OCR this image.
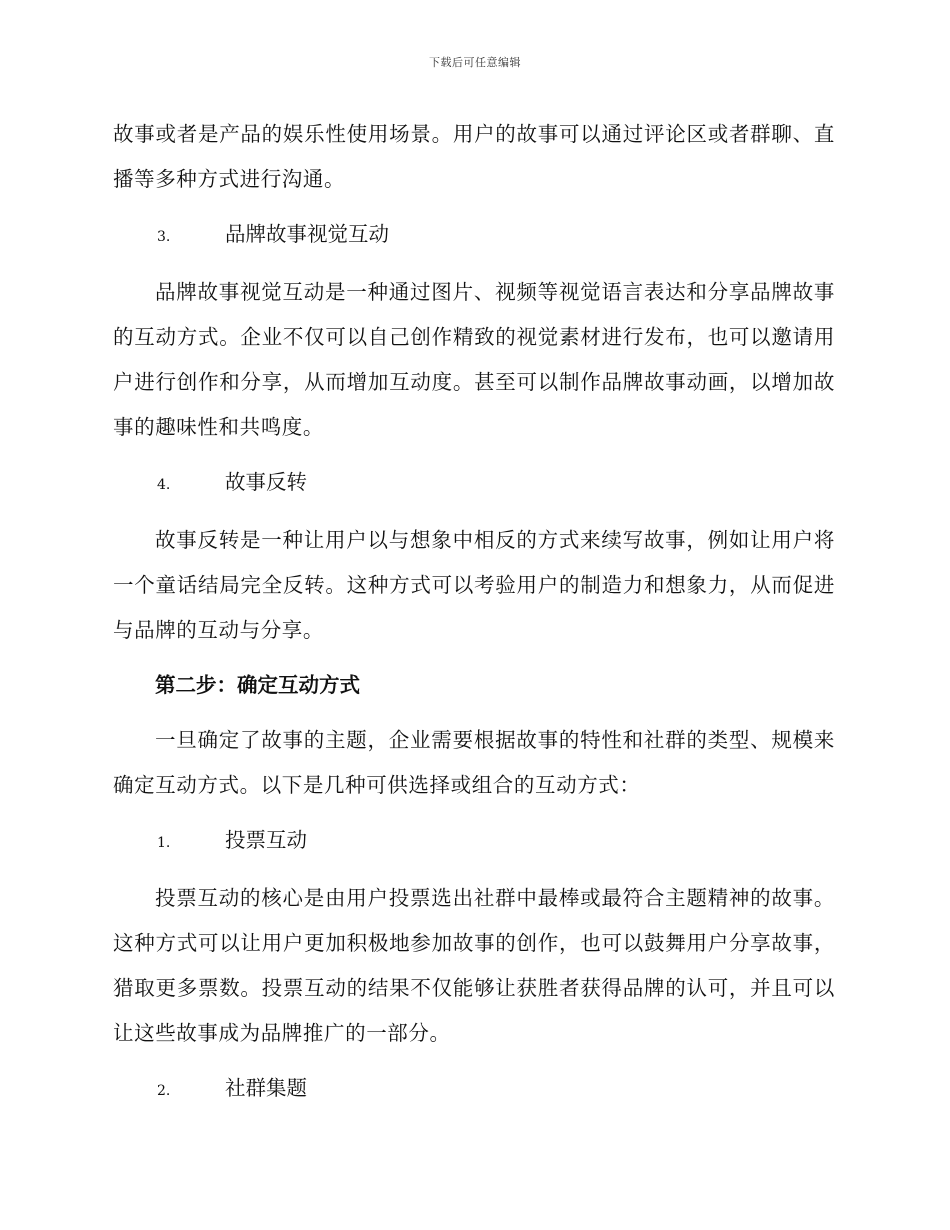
下载后可任意编辑

故事或者是产品的娱乐性使用场景。用户的故事可以通过评论区或者群聊、直播等多种方式进行沟通。

3.	品牌故事视觉互动

品牌故事视觉互动是一种通过图片、视频等视觉语言表达和分享品牌故事的互动方式。企业不仅可以自己创作精致的视觉素材进行发布，也可以邀请用户进行创作和分享，从而增加互动度。甚至可以制作品牌故事动画，以增加故事的趣味性和共鸣度。

4.	故事反转

故事反转是一种让用户以与想象中相反的方式来续写故事，例如让用户将一个童话结局完全反转。这种方式可以考验用户的制造力和想象力，从而促进与品牌的互动与分享。

第二步：确定互动方式

一旦确定了故事的主题，企业需要根据故事的特性和社群的类型、规模来确定互动方式。以下是几种可供选择或组合的互动方式：

1.	投票互动

投票互动的核心是由用户投票选出社群中最棒或最符合主题精神的故事。这种方式可以让用户更加积极地参加故事的创作，也可以鼓舞用户分享故事，猎取更多票数。投票互动的结果不仅能够让获胜者获得品牌的认可，并且可以让这些故事成为品牌推广的一部分。

2.	社群集题
